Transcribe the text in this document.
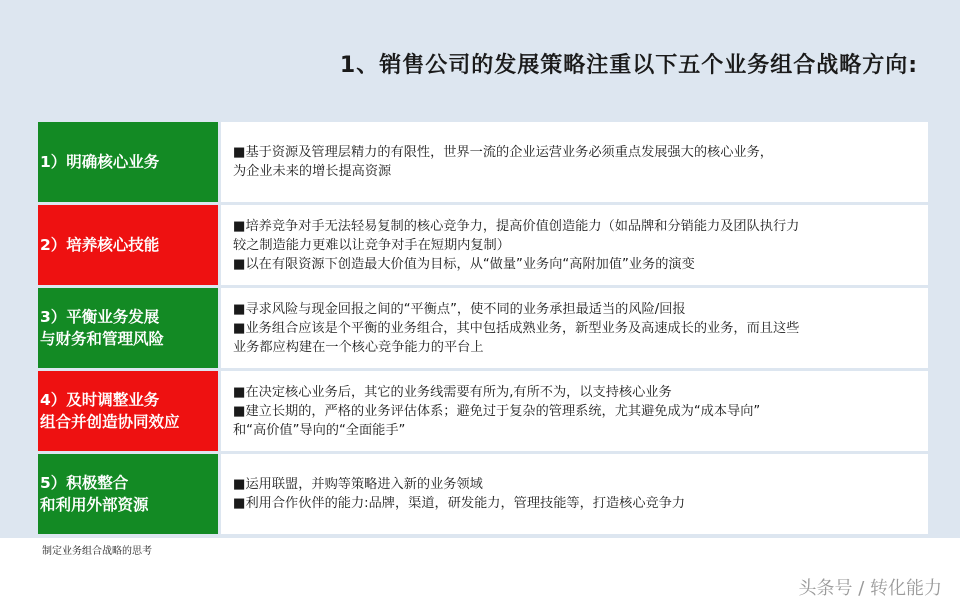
1、销售公司的发展策略注重以下五个业务组合战略方向:
1）明确核心业务
■基于资源及管理层精力的有限性，世界一流的企业运营业务必须重点发展强大的核心业务，
为企业未来的增长提高资源
2）培养核心技能
■培养竞争对手无法轻易复制的核心竞争力，提高价值创造能力（如品牌和分销能力及团队执行力
较之制造能力更难以让竞争对手在短期内复制）
■以在有限资源下创造最大价值为目标，从“做量”业务向“高附加值”业务的演变
3）平衡业务发展
与财务和管理风险
■寻求风险与现金回报之间的“平衡点”，使不同的业务承担最适当的风险/回报
■业务组合应该是个平衡的业务组合，其中包括成熟业务，新型业务及高速成长的业务，而且这些
业务都应构建在一个核心竞争能力的平台上
4）及时调整业务
组合并创造协同效应
■在决定核心业务后，其它的业务线需要有所为,有所不为，以支持核心业务
■建立长期的，严格的业务评估体系；避免过于复杂的管理系统，尤其避免成为“成本导向”
和“高价值”导向的“全面能手”
5）积极整合
和利用外部资源
■运用联盟，并购等策略进入新的业务领域
■利用合作伙伴的能力:品牌，渠道，研发能力，管理技能等，打造核心竞争力
制定业务组合战略的思考
头条号 / 转化能力
